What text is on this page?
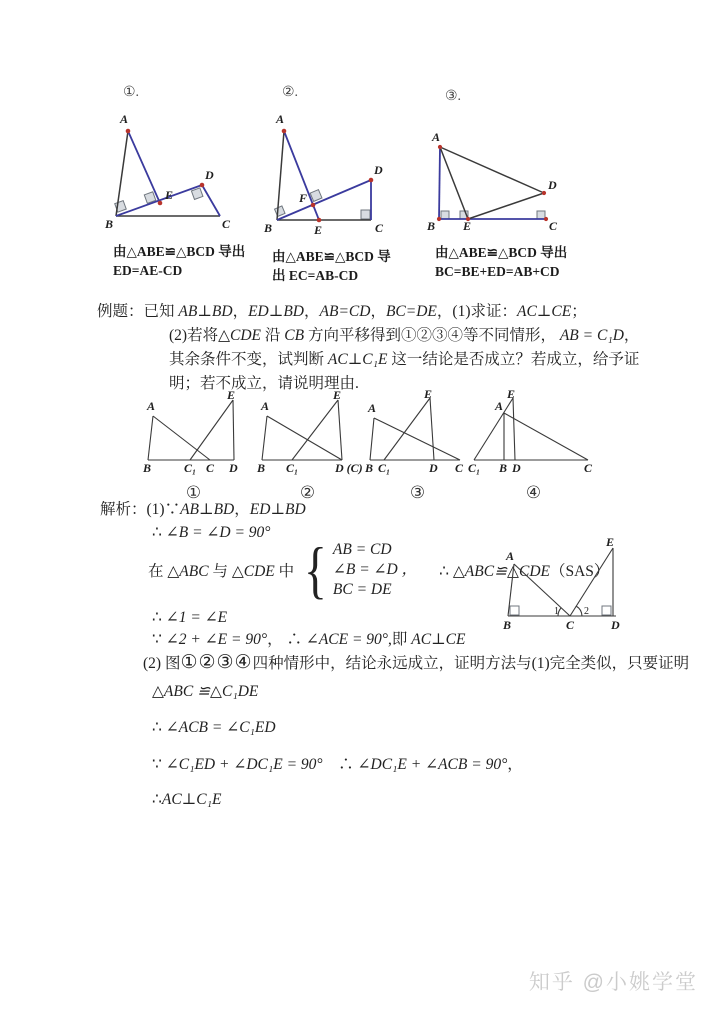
①.
A
B	C
D
E
由△ABE≌△BCD 导出
ED=AE-CD
②.
A
B	C
D
E
F
由△ABE≌△BCD 导
出 EC=AB-CD
③.
A
B	C
D
E
由△ABE≌△BCD 导出
BC=BE+ED=AB+CD
例题：已知 AB⊥BD，ED⊥BD，AB=CD，BC=DE，(1)求证：AC⊥CE；
(2)若将△CDE 沿 CB 方向平移得到①②③④等不同情形， AB = C₁D，
其余条件不变，试判断 AC⊥C₁E 这一结论是否成立？若成立，给予证
明；若不成立，请说明理由.
A
B	C₁ C D
E
①
A
B C₁	D (C)
E
②
A
B C₁	D C
E
③
A
C₁ B D	C
E
④
解析：(1)∵AB⊥BD，ED⊥BD
∴ ∠B = ∠D = 90°
在 △ABC 与 △CDE 中 { AB = CD
∠B = ∠D ，
BC = DE
∴ △ABC≌△CDE（SAS）
A
B	C	D
E
1	2
∴ ∠1 = ∠E
∵ ∠2 + ∠E = 90°， ∴ ∠ACE = 90°,即 AC⊥CE
(2) 图①②③④四种情形中，结论永远成立，证明方法与(1)完全类似，只要证明
△ABC ≌△C₁DE
∴ ∠ACB = ∠C₁ED
∵ ∠C₁ED + ∠DC₁E = 90°　∴ ∠DC₁E + ∠ACB = 90°，
∴AC⊥C₁E
知乎 @小姚学堂
